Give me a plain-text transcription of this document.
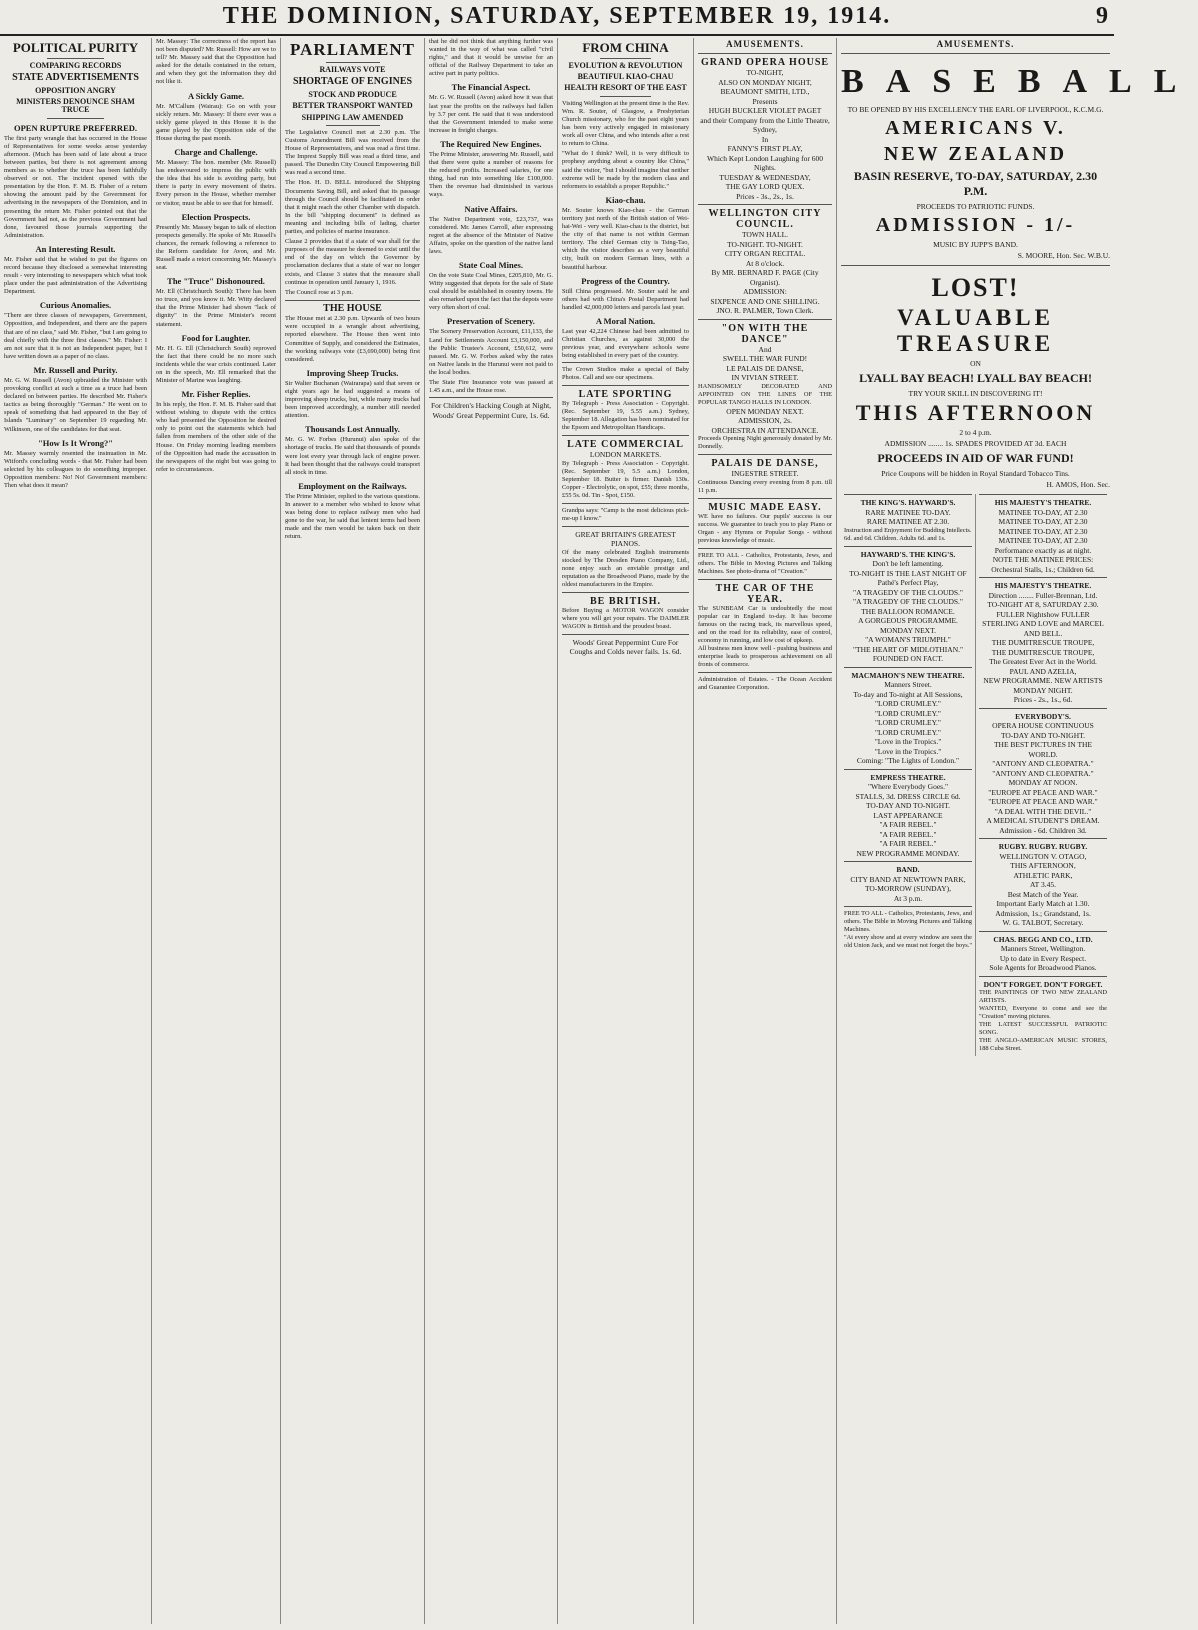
THE DOMINION, SATURDAY, SEPTEMBER 19, 1914.	9
POLITICAL PURITY
COMPARING RECORDS
STATE ADVERTISEMENTS
OPPOSITION ANGRY
MINISTERS DENOUNCE SHAM TRUCE
OPEN RUPTURE PREFERRED.

The first party wrangle that has occurred in the House of Representatives for some weeks arose yesterday afternoon. (Much has been said of late about a truce between parties, but there is not agreement among members as to whether the truce has been faithfully observed or not. The incident opened with the presentation by the Hon. F. M. B. Fisher of a return showing the amount paid by the Government for advertising in the newspapers of the Dominion, and in presenting the return Mr. Fisher pointed out that the Government had not, as the previous Government had done, favoured those journals supporting the Administration.

An Interesting Result.

Mr. Fisher said that he wished to put the figures on record because they disclosed a somewhat interesting result - very interesting to newspapers which what took place under the past administration of the Advertising Department.

Curious Anomalies.

"There are three classes of newspapers, Government, Opposition, and Independent, and there are the papers that are of no class," said Mr. Fisher, "but I am going to deal chiefly with the three first classes." Mr. Fisher: I am not sure that it is not an Independent paper, but I have written down as a paper of no class.

Mr. Russell and Purity.

Mr. G. W. Russell (Avon) upbraided the Minister with provoking conflict at such a time as a truce had been declared on between parties. He described Mr. Fisher's tactics as being thoroughly "German." He went on to speak of something that had appeared in the Bay of Islands "Luminary" on September 19 regarding Mr. Wilkinson, one of the candidates for that seat.

"How Is It Wrong?"

Mr. Massey warmly resented the insinuation in Mr. Witford's concluding words - that Mr. Fisher had been selected by his colleagues to do something improper. Opposition members: No! No! Government members: Then what does it mean?

Mr. Massey: The correctness of the report has not been disputed? Mr. Russell: How are we to tell? Mr. Massey said that the Opposition had asked for the details contained in the return, and when they got the information they did not like it.

A Sickly Game.

Mr. M'Callum (Wairau): Go on with your sickly return. Mr. Massey: If there ever was a sickly game played in this House it is the game played by the Opposition side of the House during the past month.

Charge and Challenge.

Mr. Massey: The hon. member (Mr. Russell) has endeavoured to impress the public with the idea that his side is avoiding party, but there is party in every movement of theirs. Every person in the House, whether member or visitor, must be able to see that for himself.

Election Prospects.

Presently Mr. Massey began to talk of election prospects generally. He spoke of Mr. Russell's chances, the remark following a reference to the Reform candidate for Avon, and Mr. Russell made a retort concerning Mr. Massey's seat.

The "Truce" Dishonoured.

Mr. Ell (Christchurch South): There has been no truce, and you know it. Mr. Witty declared that the Prime Minister had shown "lack of dignity" in the Prime Minister's recent statement.

Food for Laughter.

Mr. H. G. Ell (Christchurch South) reproved the fact that there could be no more such incidents while the war crisis continued. Later on in the speech, Mr. Ell remarked that the Minister of Marine was laughing.

Mr. Fisher Replies.

In his reply, the Hon. F. M. B. Fisher said that without wishing to dispute with the critics who had presented the Opposition he desired only to point out the statements which had fallen from members of the other side of the House. On Friday morning leading members of the Opposition had made the accusation in the newspapers of the night but was going to refer to circumstances.

PARLIAMENT
RAILWAYS VOTE
SHORTAGE OF ENGINES
STOCK AND PRODUCE
BETTER TRANSPORT WANTED
SHIPPING LAW AMENDED

The Legislative Council met at 2.30 p.m. The Customs Amendment Bill was received from the House of Representatives, and was read a first time. The Imprest Supply Bill was read a third time, and passed. The Dunedin City Council Empowering Bill was read a second time.

The Hon. H. D. BELL introduced the Shipping Documents Saving Bill, and asked that its passage through the Council should be facilitated in order that it might reach the other Chamber with dispatch. In the bill "shipping document" is defined as meaning and including bills of lading, charter parties, and policies of marine insurance.

Clause 2 provides that if a state of war shall for the purposes of the measure be deemed to exist until the end of the day on which the Governor by proclamation declares that a state of war no longer exists, and Clause 3 states that the measure shall continue in operation until January 1, 1916.

The Council rose at 3 p.m.

THE HOUSE

The House met at 2.30 p.m. Upwards of two hours were occupied in a wrangle about advertising, reported elsewhere. The House then went into Committee of Supply, and considered the Estimates, the working railways vote (£3,690,000) being first considered.

Improving Sheep Trucks.

Sir Walter Buchanan (Wairarapa) said that seven or eight years ago he had suggested a means of improving sheep trucks, but, while many trucks had been improved accordingly, a number still needed attention.

Thousands Lost Annually.

Mr. G. W. Forbes (Hurunui) also spoke of the shortage of trucks. He said that thousands of pounds were lost every year through lack of engine power. It had been thought that the railways could transport all stock in time.

Employment on the Railways.

The Prime Minister, replied to the various questions. In answer to a member who wished to know what was being done to replace railway men who had gone to the war, he said that lenient terms had been made and the men would be taken back on their return.

that he did not think that anything further was wanted in the way of what was called "civil rights," and that it would be unwise for an official of the Railway Department to take an active part in party politics.

The Financial Aspect.

Mr. G. W. Russell (Avon) asked how it was that last year the profits on the railways had fallen by 3.7 per cent. He said that it was understood that the Government intended to make some increase in freight charges.

The Required New Engines.

The Prime Minister, answering Mr. Russell, said that there were quite a number of reasons for the reduced profits. Increased salaries, for one thing, had run into something like £100,000. Then the revenue had diminished in various ways.

Native Affairs.

The Native Department vote, £23,737, was considered. Mr. James Carroll, after expressing regret at the absence of the Minister of Native Affairs, spoke on the question of the native land laws.

State Coal Mines.

On the vote State Coal Mines, £205,810, Mr. G. Witty suggested that depots for the sale of State coal should be established in country towns. He also remarked upon the fact that the depots were very often short of coal.

Preservation of Scenery.

The Scenery Preservation Account, £11,133, the Land for Settlements Account £3,150,000, and the Public Trustee's Account, £50,612, were passed. Mr. G. W. Forbes asked why the rates on Native lands in the Hurunui were not paid to the local bodies.

The State Fire Insurance vote was passed at 1.45 a.m., and the House rose.

For Children's Hacking Cough at Night, Woods' Great Peppermint Cure, 1s. 6d.
FROM CHINA
EVOLUTION & REVOLUTION
BEAUTIFUL KIAO-CHAU
HEALTH RESORT OF THE EAST

Visiting Wellington at the present time is the Rev. Wm. R. Souter, of Glasgow, a Presbyterian Church missionary, who for the past eight years has been very actively engaged in missionary work all over China, and who intends after a rest to return to China.

"What do I think? Well, it is very difficult to prophesy anything about a country like China," said the visitor, "but I should imagine that neither extreme will be made by the modern class and reformers to establish a proper Republic."

Kiao-chau.

Mr. Souter knows Kiao-chau - the German territory just north of the British station of Wei-hai-Wei - very well. Kiao-chau is the district, but the city of that name is not within German territory. The chief German city is Tsing-Tao, which the visitor describes as a very beautiful city, built on modern German lines, with a beautiful harbour.

Progress of the Country.

Still China progressed. Mr. Souter said he and others had with China's Postal Department had handled 42,000,000 letters and parcels last year.

A Moral Nation.

Last year 42,224 Chinese had been admitted to Christian Churches, as against 30,000 the previous year, and everywhere schools were being established in every part of the country.

The Crown Studios make a special of Baby Photos. Call and see our specimens.
LATE SPORTING
By Telegraph - Press Association - Copyright. (Rec. September 19, 5.55 a.m.) Sydney, September 18. Allegation has been nominated for the Epsom and Metropolitan Handicaps.
LATE COMMERCIAL
LONDON MARKETS.
By Telegraph - Press Association - Copyright. (Rec. September 19, 5.5 a.m.) London, September 18. Butter is firmer. Danish 130s. Copper - Electrolytic, on spot, £55; three months, £55 5s. 0d. Tin - Spot, £150.
Grandpa says: "Camp is the most delicious pick-me-up I know."
GREAT BRITAIN'S GREATEST PIANOS.
Of the many celebrated English instruments stocked by The Dresden Piano Company, Ltd., none enjoy such an enviable prestige and reputation as the Broadwood Piano, made by the oldest manufacturers in the Empire.
BE BRITISH.
Before Buying a MOTOR WAGON consider where you will get your repairs. The DAIMLER WAGON is British and the proudest boast.
Woods' Great Peppermint Cure For Coughs and Colds never fails. 1s. 6d.
AMUSEMENTS.
GRAND OPERA HOUSE
TO-NIGHT,
ALSO ON MONDAY NIGHT,
BEAUMONT SMITH, LTD.,
Presents
HUGH BUCKLER VIOLET PAGET
and their Company from the Little Theatre, Sydney,
In
FANNY'S FIRST PLAY,
Which Kept London Laughing for 600 Nights.
TUESDAY & WEDNESDAY,
THE GAY LORD QUEX.
Prices - 3s., 2s., 1s.
WELLINGTON CITY COUNCIL.
TOWN HALL.
TO-NIGHT. TO-NIGHT.
CITY ORGAN RECITAL.
At 8 o'clock.
By MR. BERNARD F. PAGE (City Organist).
ADMISSION:
SIXPENCE AND ONE SHILLING.
JNO. R. PALMER, Town Clerk.
"ON WITH THE DANCE"
And
SWELL THE WAR FUND!
LE PALAIS DE DANSE,
IN VIVIAN STREET.
HANDSOMELY DECORATED AND APPOINTED ON THE LINES OF THE POPULAR TANGO HALLS IN LONDON.
OPEN MONDAY NEXT.
ADMISSION, 2s.
ORCHESTRA IN ATTENDANCE.
Proceeds Opening Night generously donated by Mr. Donnelly.
PALAIS DE DANSE,
INGESTRE STREET.
Continuous Dancing every evening from 8 p.m. till 11 p.m.
MUSIC MADE EASY.
WE have no failures. Our pupils' success is our success. We guarantee to teach you to play Piano or Organ - any Hymns or Popular Songs - without previous knowledge of music.
FREE TO ALL - Catholics, Protestants, Jews, and others. The Bible in Moving Pictures and Talking Machines. See photo-drama of "Creation."
THE CAR OF THE YEAR.
The SUNBEAM Car is undoubtedly the most popular car in England to-day. It has become famous on the racing track, its marvellous speed, and on the road for its reliability, ease of control, economy in running, and low cost of upkeep.
All business men know well - pushing business and enterprise leads to prosperous achievement on all fronts of commerce.
Administration of Estates. - The Ocean Accident and Guarantee Corporation.
AMUSEMENTS.
BASEBALL
TO BE OPENED BY HIS EXCELLENCY THE EARL OF LIVERPOOL, K.C.M.G.
AMERICANS V.
NEW ZEALAND
BASIN RESERVE, TO-DAY, SATURDAY, 2.30 P.M.
PROCEEDS TO PATRIOTIC FUNDS.
ADMISSION - 1/-
MUSIC BY JUPP'S BAND.
S. MOORE, Hon. Sec. W.B.U.
LOST!
VALUABLE TREASURE
ON
LYALL BAY BEACH! LYALL BAY BEACH!
TRY YOUR SKILL IN DISCOVERING IT!
THIS AFTERNOON
2 to 4 p.m.
ADMISSION ........ 1s. SPADES PROVIDED AT 3d. EACH
PROCEEDS IN AID OF WAR FUND!
Price Coupons will be hidden in Royal Standard Tobacco Tins.
H. AMOS, Hon. Sec.
THE KING'S. HAYWARD'S.
RARE MATINEE TO-DAY.
RARE MATINEE AT 2.30.
Instruction and Enjoyment for Budding Intellects.
6d. and 6d. Children. Adults 6d. and 1s.
HAYWARD'S. THE KING'S.
Don't be left lamenting.
TO-NIGHT IS THE LAST NIGHT OF
Pathé's Perfect Play,
"A TRAGEDY OF THE CLOUDS."
"A TRAGEDY OF THE CLOUDS."
THE BALLOON ROMANCE.
A GORGEOUS PROGRAMME.
MONDAY NEXT.
"A WOMAN'S TRIUMPH."
"THE HEART OF MIDLOTHIAN."
FOUNDED ON FACT.
MACMAHON'S NEW THEATRE.
Manners Street.
To-day and To-night at All Sessions,
"LORD CRUMLEY."
"LORD CRUMLEY."
"LORD CRUMLEY."
"LORD CRUMLEY."
"Love in the Tropics."
"Love in the Tropics."
Coming: "The Lights of London."
EMPRESS THEATRE.
"Where Everybody Goes."
STALLS, 3d. DRESS CIRCLE 6d.
TO-DAY AND TO-NIGHT.
LAST APPEARANCE
"A FAIR REBEL."
"A FAIR REBEL."
"A FAIR REBEL."
NEW PROGRAMME MONDAY.
BAND.
CITY BAND AT NEWTOWN PARK,
TO-MORROW (SUNDAY),
At 3 p.m.
FREE TO ALL - Catholics, Protestants, Jews, and others. The Bible in Moving Pictures and Talking Machines.
"At every show and at every window are seen the old Union Jack, and we must not forget the boys."
HIS MAJESTY'S THEATRE.
MATINEE TO-DAY, AT 2.30
MATINEE TO-DAY, AT 2.30
MATINEE TO-DAY, AT 2.30
MATINEE TO-DAY, AT 2.30
Performance exactly as at night.
NOTE THE MATINEE PRICES:
Orchestral Stalls, 1s.; Children 6d.
HIS MAJESTY'S THEATRE.
Direction ........ Fuller-Brennan, Ltd.
TO-NIGHT AT 8, SATURDAY 2.30.
FULLER Nightshow FULLER
STERLING AND LOVE and MARCEL AND BELL.
THE DUMITRESCUE TROUPE,
THE DUMITRESCUE TROUPE,
The Greatest Ever Act in the World.
PAUL AND AZELIA,
NEW PROGRAMME. NEW ARTISTS
MONDAY NIGHT.
Prices - 2s., 1s., 6d.
EVERYBODY'S.
OPERA HOUSE CONTINUOUS
TO-DAY AND TO-NIGHT.
THE BEST PICTURES IN THE WORLD.
"ANTONY AND CLEOPATRA."
"ANTONY AND CLEOPATRA."
MONDAY AT NOON.
"EUROPE AT PEACE AND WAR."
"EUROPE AT PEACE AND WAR."
"A DEAL WITH THE DEVIL."
A MEDICAL STUDENT'S DREAM.
Admission - 6d. Children 3d.
RUGBY. RUGBY. RUGBY.
WELLINGTON V. OTAGO,
THIS AFTERNOON,
ATHLETIC PARK,
AT 3.45.
Best Match of the Year.
Important Early Match at 1.30.
Admission, 1s.; Grandstand, 1s.
W. G. TALBOT, Secretary.
CHAS. BEGG AND CO., LTD.
Manners Street, Wellington.
Up to date in Every Respect.
Sole Agents for Broadwood Pianos.
DON'T FORGET. DON'T FORGET.
THE PAINTINGS OF TWO NEW ZEALAND ARTISTS.
WANTED, Everyone to come and see the "Creation" moving pictures.
THE LATEST SUCCESSFUL PATRIOTIC SONG.
THE ANGLO-AMERICAN MUSIC STORES, 188 Cuba Street.
